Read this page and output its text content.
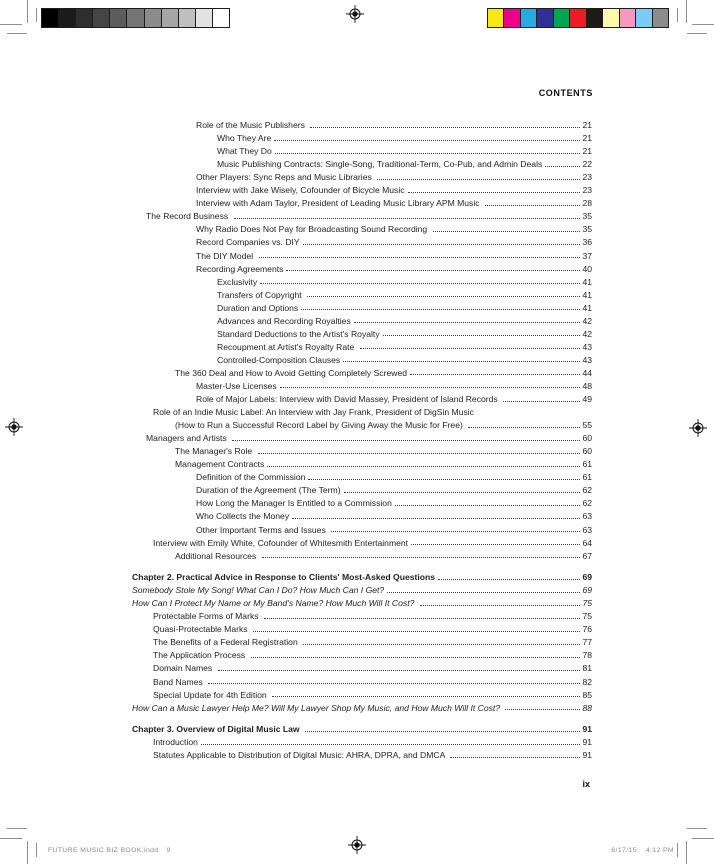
CONTENTS
Role of the Music Publishers	21
Who They Are	21
What They Do	21
Music Publishing Contracts: Single-Song, Traditional-Term, Co-Pub, and Admin Deals	22
Other Players: Sync Reps and Music Libraries	23
Interview with Jake Wisely, Cofounder of Bicycle Music	23
Interview with Adam Taylor, President of Leading Music Library APM Music	28
The Record Business	35
Why Radio Does Not Pay for Broadcasting Sound Recording	35
Record Companies vs. DIY	36
The DIY Model	37
Recording Agreements	40
Exclusivity	41
Transfers of Copyright	41
Duration and Options	41
Advances and Recording Royalties	42
Standard Deductions to the Artist's Royalty	42
Recoupment at Artist's Royalty Rate	43
Controlled-Composition Clauses	43
The 360 Deal and How to Avoid Getting Completely Screwed	44
Master-Use Licenses	48
Role of Major Labels: Interview with David Massey, President of Island Records	49
Role of an Indie Music Label: An Interview with Jay Frank, President of DigSin Music
(How to Run a Successful Record Label by Giving Away the Music for Free)	55
Managers and Artists	60
The Manager's Role	60
Management Contracts	61
Definition of the Commission	61
Duration of the Agreement (The Term)	62
How Long the Manager Is Entitled to a Commission	62
Who Collects the Money	63
Other Important Terms and Issues	63
Interview with Emily White, Cofounder of Whitesmith Entertainment	64
Additional Resources	67
Chapter 2. Practical Advice in Response to Clients' Most-Asked Questions	69
Somebody Stole My Song! What Can I Do? How Much Can I Get?	69
How Can I Protect My Name or My Band's Name? How Much Will It Cost?	75
Protectable Forms of Marks	75
Quasi-Protectable Marks	76
The Benefits of a Federal Registration	77
The Application Process	78
Domain Names	81
Band Names	82
Special Update for 4th Edition	85
How Can a Music Lawyer Help Me? Will My Lawyer Shop My Music, and How Much Will It Cost?	88
Chapter 3. Overview of Digital Music Law	91
Introduction	91
Statutes Applicable to Distribution of Digital Music: AHRA, DPRA, and DMCA	91
ix
FUTURE MUSIC BIZ BOOK.indd 9	6/17/15 4:12 PM
